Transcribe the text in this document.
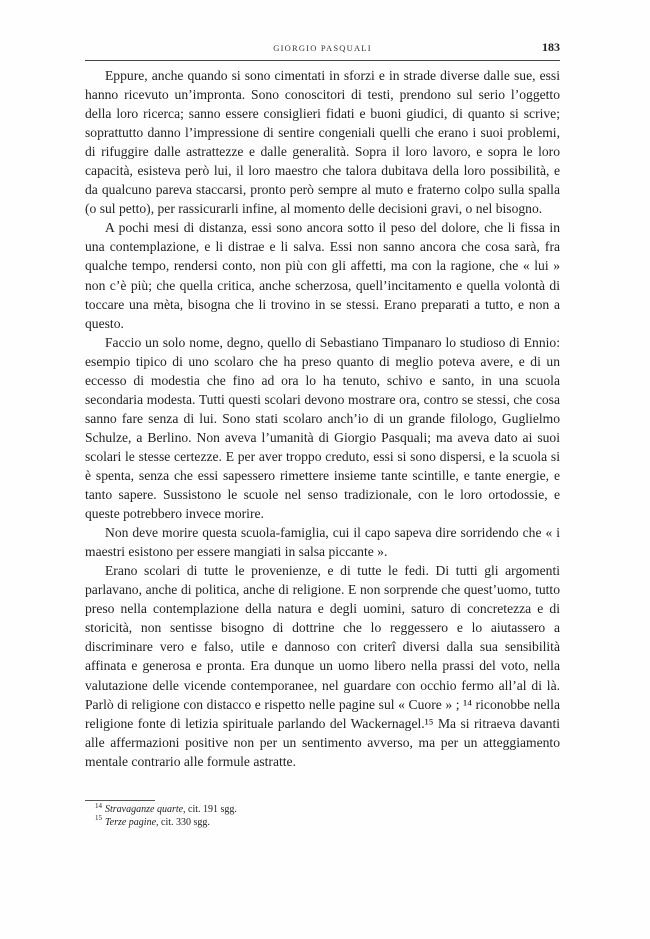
GIORGIO PASQUALI	183

Eppure, anche quando si sono cimentati in sforzi e in strade diverse dalle sue, essi hanno ricevuto un’impronta. Sono conoscitori di testi, prendono sul serio l’oggetto della loro ricerca; sanno essere consiglieri fidati e buoni giudici, di quanto si scrive; soprattutto danno l’impressione di sentire congeniali quelli che erano i suoi problemi, di rifuggire dalle astrattezze e dalle generalità. Sopra il loro lavoro, e sopra le loro capacità, esisteva però lui, il loro maestro che talora dubitava della loro possibilità, e da qualcuno pareva staccarsi, pronto però sempre al muto e fraterno colpo sulla spalla (o sul petto), per rassicurarli infine, al momento delle decisioni gravi, o nel bisogno.

A pochi mesi di distanza, essi sono ancora sotto il peso del dolore, che li fissa in una contemplazione, e li distrae e li salva. Essi non sanno ancora che cosa sarà, fra qualche tempo, rendersi conto, non più con gli affetti, ma con la ragione, che « lui » non c’è più; che quella critica, anche scherzosa, quell’incitamento e quella volontà di toccare una mèta, bisogna che li trovino in se stessi. Erano preparati a tutto, e non a questo.

Faccio un solo nome, degno, quello di Sebastiano Timpanaro lo studioso di Ennio: esempio tipico di uno scolaro che ha preso quanto di meglio poteva avere, e di un eccesso di modestia che fino ad ora lo ha tenuto, schivo e santo, in una scuola secondaria modesta. Tutti questi scolari devono mostrare ora, contro se stessi, che cosa sanno fare senza di lui. Sono stati scolaro anch’io di un grande filologo, Guglielmo Schulze, a Berlino. Non aveva l’umanità di Giorgio Pasquali; ma aveva dato ai suoi scolari le stesse certezze. E per aver troppo creduto, essi si sono dispersi, e la scuola si è spenta, senza che essi sapessero rimettere insieme tante scintille, e tante energie, e tanto sapere. Sussistono le scuole nel senso tradizionale, con le loro ortodossie, e queste potrebbero invece morire.

Non deve morire questa scuola-famiglia, cui il capo sapeva dire sorridendo che « i maestri esistono per essere mangiati in salsa piccante ».

Erano scolari di tutte le provenienze, e di tutte le fedi. Di tutti gli argomenti parlavano, anche di politica, anche di religione. E non sorprende che quest’uomo, tutto preso nella contemplazione della natura e degli uomini, saturo di concretezza e di storicità, non sentisse bisogno di dottrine che lo reggessero e lo aiutassero a discriminare vero e falso, utile e dannoso con criterî diversi dalla sua sensibilità affinata e generosa e pronta. Era dunque un uomo libero nella prassi del voto, nella valutazione delle vicende contemporanee, nel guardare con occhio fermo all’al di là. Parlò di religione con distacco e rispetto nelle pagine sul « Cuore » ; ¹⁴ riconobbe nella religione fonte di letizia spirituale parlando del Wackernagel.¹⁵ Ma si ritraeva davanti alle affermazioni positive non per un sentimento avverso, ma per un atteggiamento mentale contrario alle formule astratte.

$^{14}$ Stravaganze quarte, cit. 191 sgg.

$^{15}$ Terze pagine, cit. 330 sgg.
